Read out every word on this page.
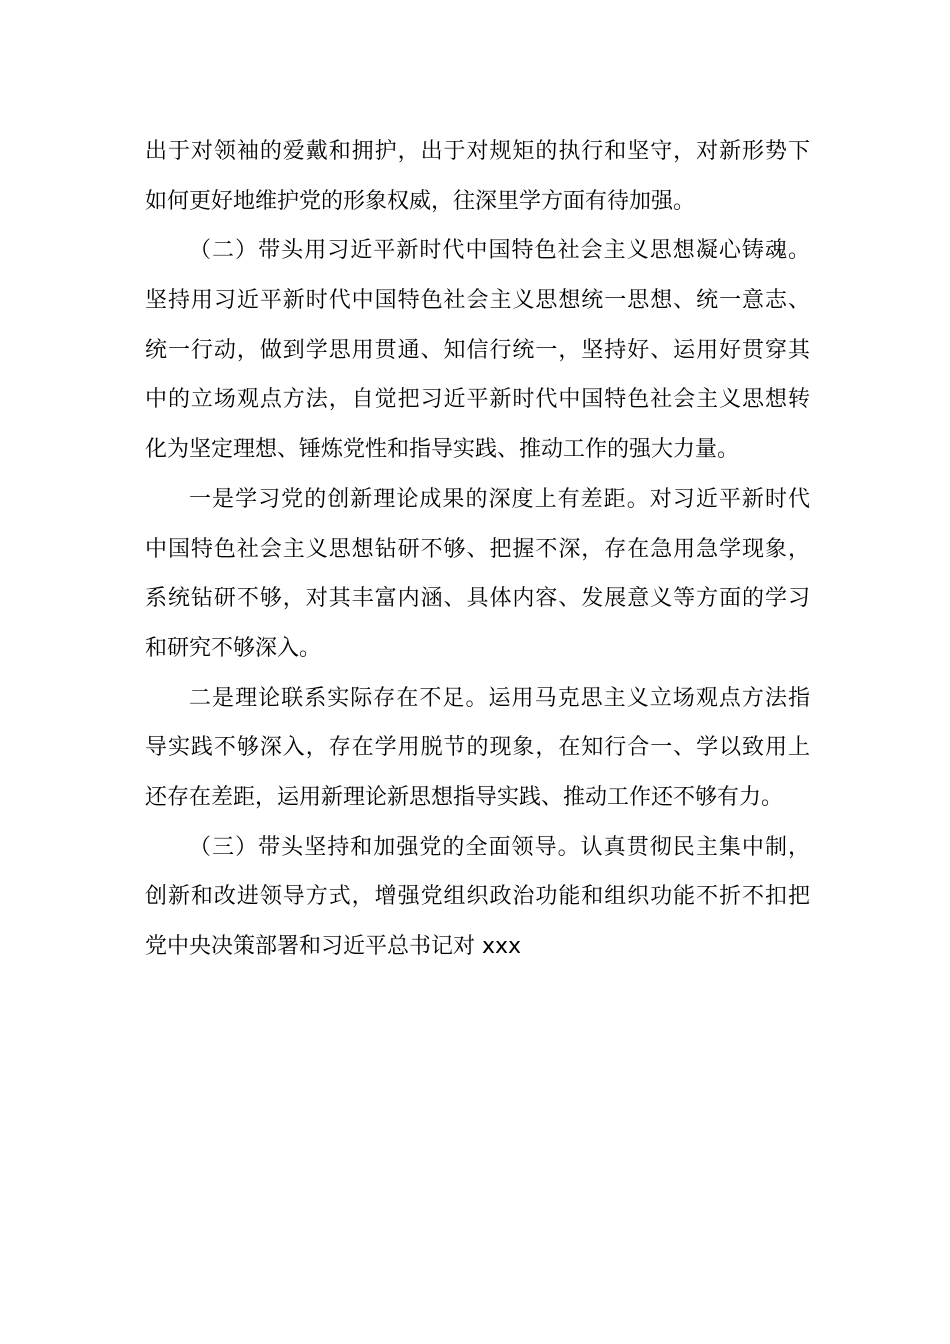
出于对领袖的爱戴和拥护，出于对规矩的执行和坚守，对新形势下
如何更好地维护党的形象权威，往深里学方面有待加强。
（二）带头用习近平新时代中国特色社会主义思想凝心铸魂。
坚持用习近平新时代中国特色社会主义思想统一思想、统一意志、
统一行动，做到学思用贯通、知信行统一，坚持好、运用好贯穿其
中的立场观点方法，自觉把习近平新时代中国特色社会主义思想转
化为坚定理想、锤炼党性和指导实践、推动工作的强大力量。
一是学习党的创新理论成果的深度上有差距。对习近平新时代
中国特色社会主义思想钻研不够、把握不深，存在急用急学现象，
系统钻研不够，对其丰富内涵、具体内容、发展意义等方面的学习
和研究不够深入。
二是理论联系实际存在不足。运用马克思主义立场观点方法指
导实践不够深入，存在学用脱节的现象，在知行合一、学以致用上
还存在差距，运用新理论新思想指导实践、推动工作还不够有力。
（三）带头坚持和加强党的全面领导。认真贯彻民主集中制，
创新和改进领导方式，增强党组织政治功能和组织功能不折不扣把
党中央决策部署和习近平总书记对 xxx
